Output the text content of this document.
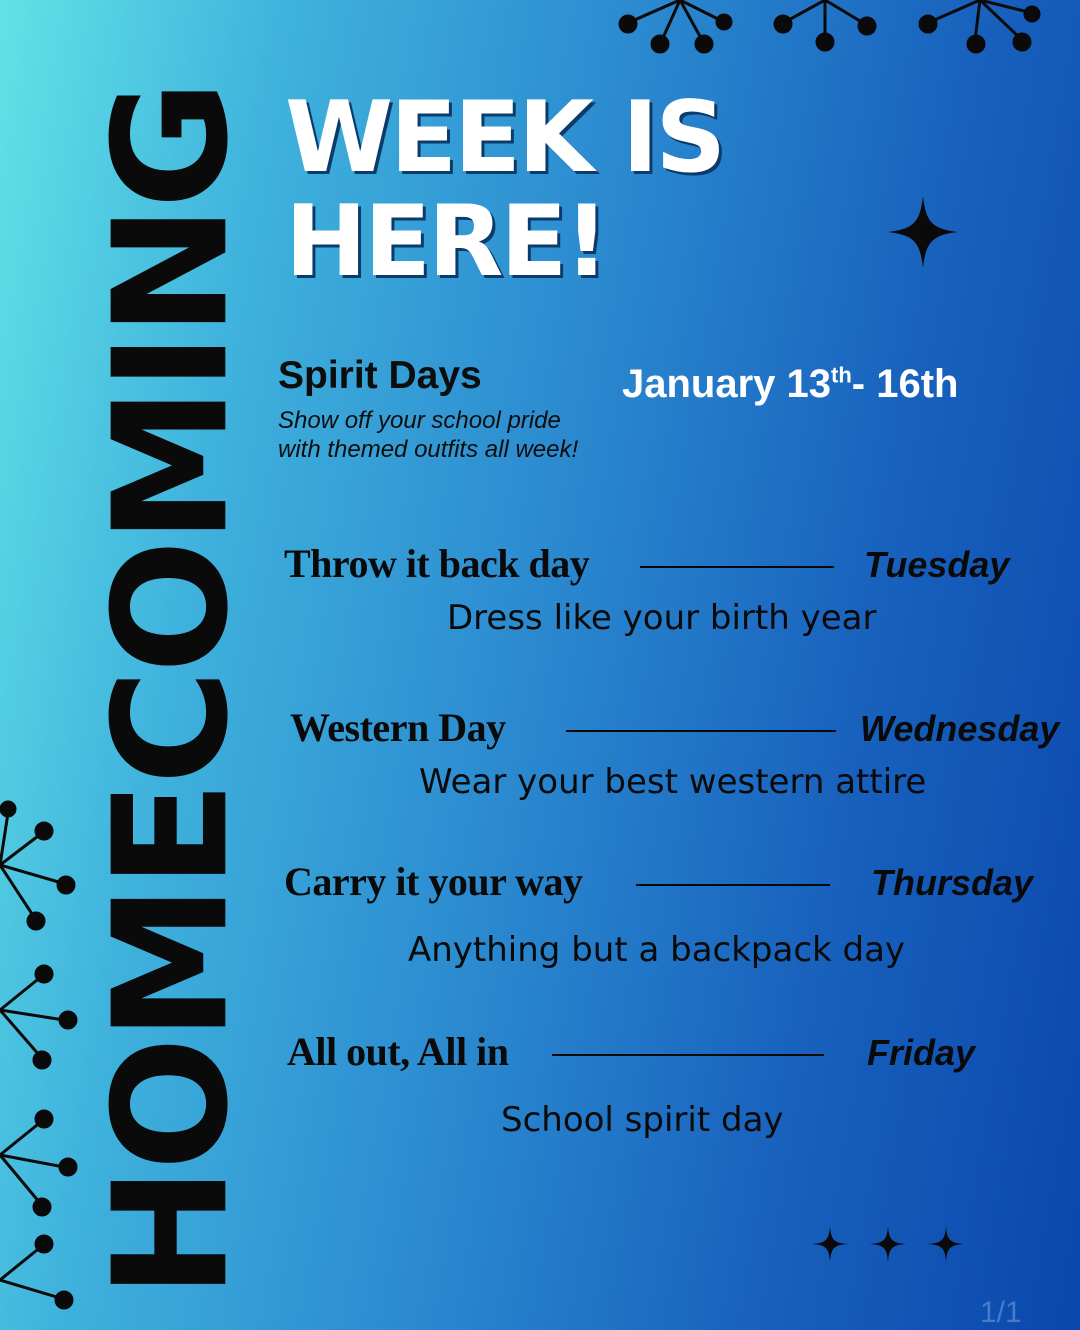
HOMECOMING WEEK IS
HERE!
Spirit Days
Show off your school pride
with themed outfits all week!
January 13th- 16th
Throw it back day	Tuesday
Dress like your birth year
Western Day	Wednesday
Wear your best western attire
Carry it your way	Thursday
Anything but a backpack day
All out, All in	Friday
School spirit day
1/1
